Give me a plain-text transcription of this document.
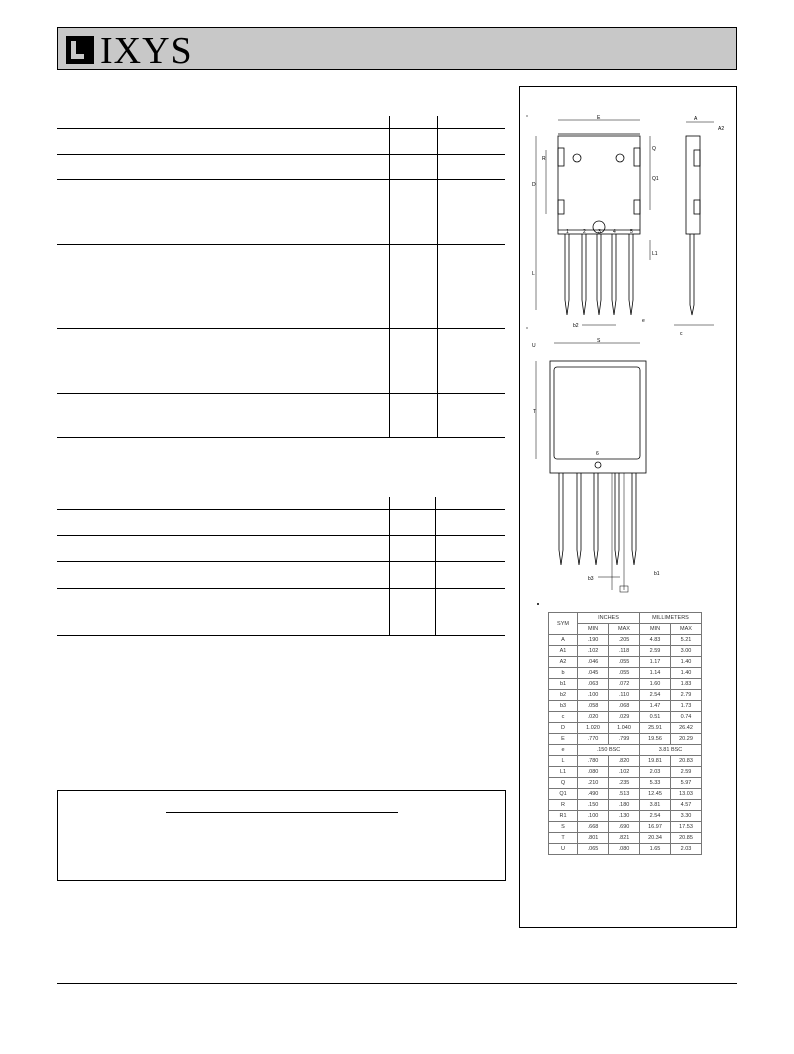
IXYS
E
1	2 3 4	5
D
L
R
Q
Q1
L1
b2
e
A
A2
c
S
U
T
6
b3
b1
SYM	INCHES		MILLIMETERS	
	MIN	MAX	MIN	MAX
A	.190	.205	4.83	5.21
A1	.102	.118	2.59	3.00
A2	.046	.055	1.17	1.40
b	.045	.055	1.14	1.40
b1	.063	.072	1.60	1.83
b2	.100	.110	2.54	2.79
b3	.058	.068	1.47	1.73
c	.020	.029	0.51	0.74
D	1.020	1.040	25.91	26.42
E	.770	.799	19.56	20.29
e	.150 BSC		3.81 BSC	
L	.780	.820	19.81	20.83
L1	.080	.102	2.03	2.59
Q	.210	.235	5.33	5.97
Q1	.490	.513	12.45	13.03
R	.150	.180	3.81	4.57
R1	.100	.130	2.54	3.30
S	.668	.690	16.97	17.53
T	.801	.821	20.34	20.85
U	.065	.080	1.65	2.03
